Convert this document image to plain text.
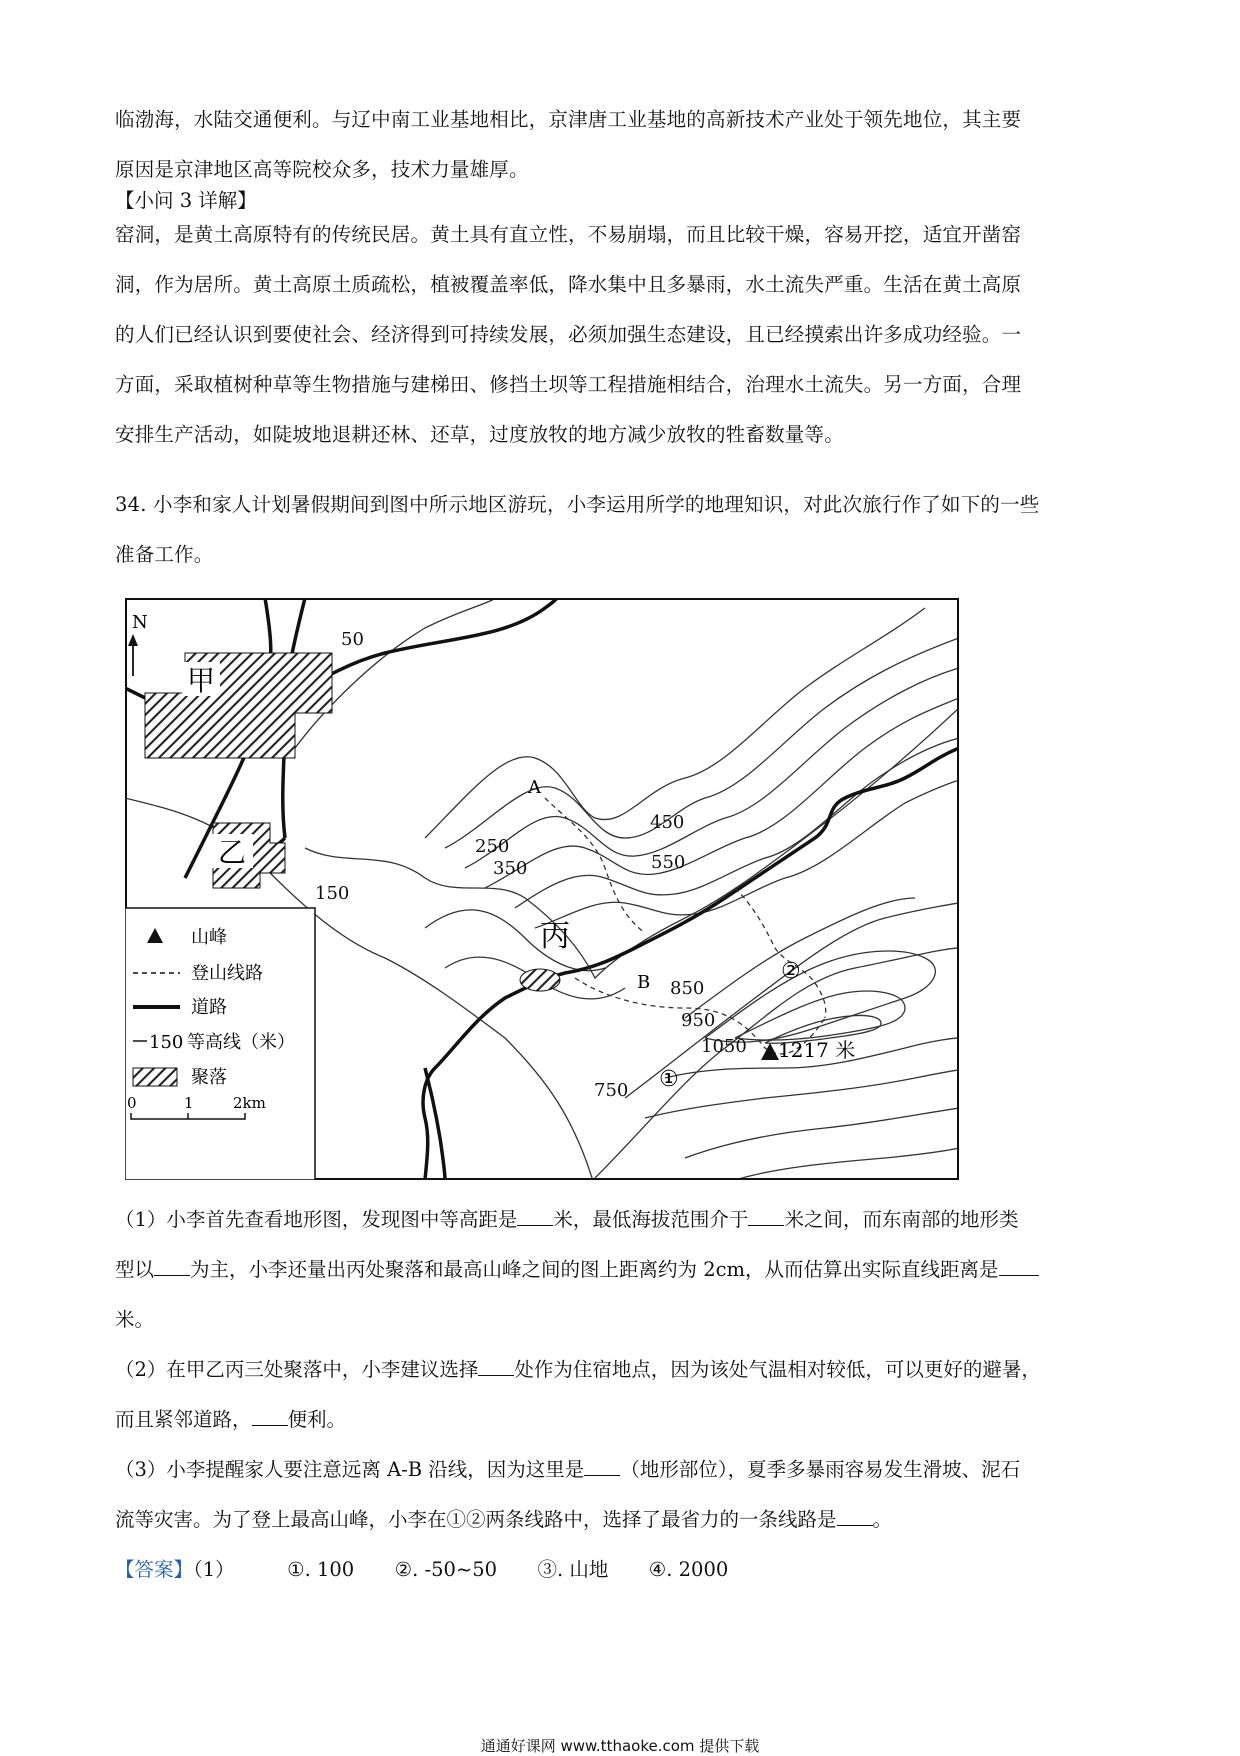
临渤海，水陆交通便利。与辽中南工业基地相比，京津唐工业基地的高新技术产业处于领先地位，其主要
原因是京津地区高等院校众多，技术力量雄厚。
【小问 3 详解】
窑洞，是黄土高原特有的传统民居。黄土具有直立性，不易崩塌，而且比较干燥，容易开挖，适宜开凿窑
洞，作为居所。黄土高原土质疏松，植被覆盖率低，降水集中且多暴雨，水土流失严重。生活在黄土高原
的人们已经认识到要使社会、经济得到可持续发展，必须加强生态建设，且已经摸索出许多成功经验。一
方面，采取植树种草等生物措施与建梯田、修挡土坝等工程措施相结合，治理水土流失。另一方面，合理
安排生产活动，如陡坡地退耕还林、还草，过度放牧的地方减少放牧的牲畜数量等。
34. 小李和家人计划暑假期间到图中所示地区游玩，小李运用所学的地理知识，对此次旅行作了如下的一些
准备工作。
甲
乙
丙
N
50
150
250
350
450
550
750
850
950
1050
A
B
①
②
1217 米
山峰
登山线路
道路
150 等高线（米）
聚落
0	1	2km
（1）小李首先查看地形图，发现图中等高距是 米，最低海拔范围介于 米之间，而东南部的地形类
型以 为主，小李还量出丙处聚落和最高山峰之间的图上距离约为 2cm，从而估算出实际直线距离是
米。
（2）在甲乙丙三处聚落中，小李建议选择 处作为住宿地点，因为该处气温相对较低，可以更好的避暑，
而且紧邻道路， 便利。
（3）小李提醒家人要注意远离 A-B 沿线，因为这里是 （地形部位），夏季多暴雨容易发生滑坡、泥石
流等灾害。为了登上最高山峰，小李在①②两条线路中，选择了最省力的一条线路是 。
【答案】（1）	①. 100 ②. -50~50 ③. 山地 ④. 2000
通通好课网 www.tthaoke.com 提供下载
